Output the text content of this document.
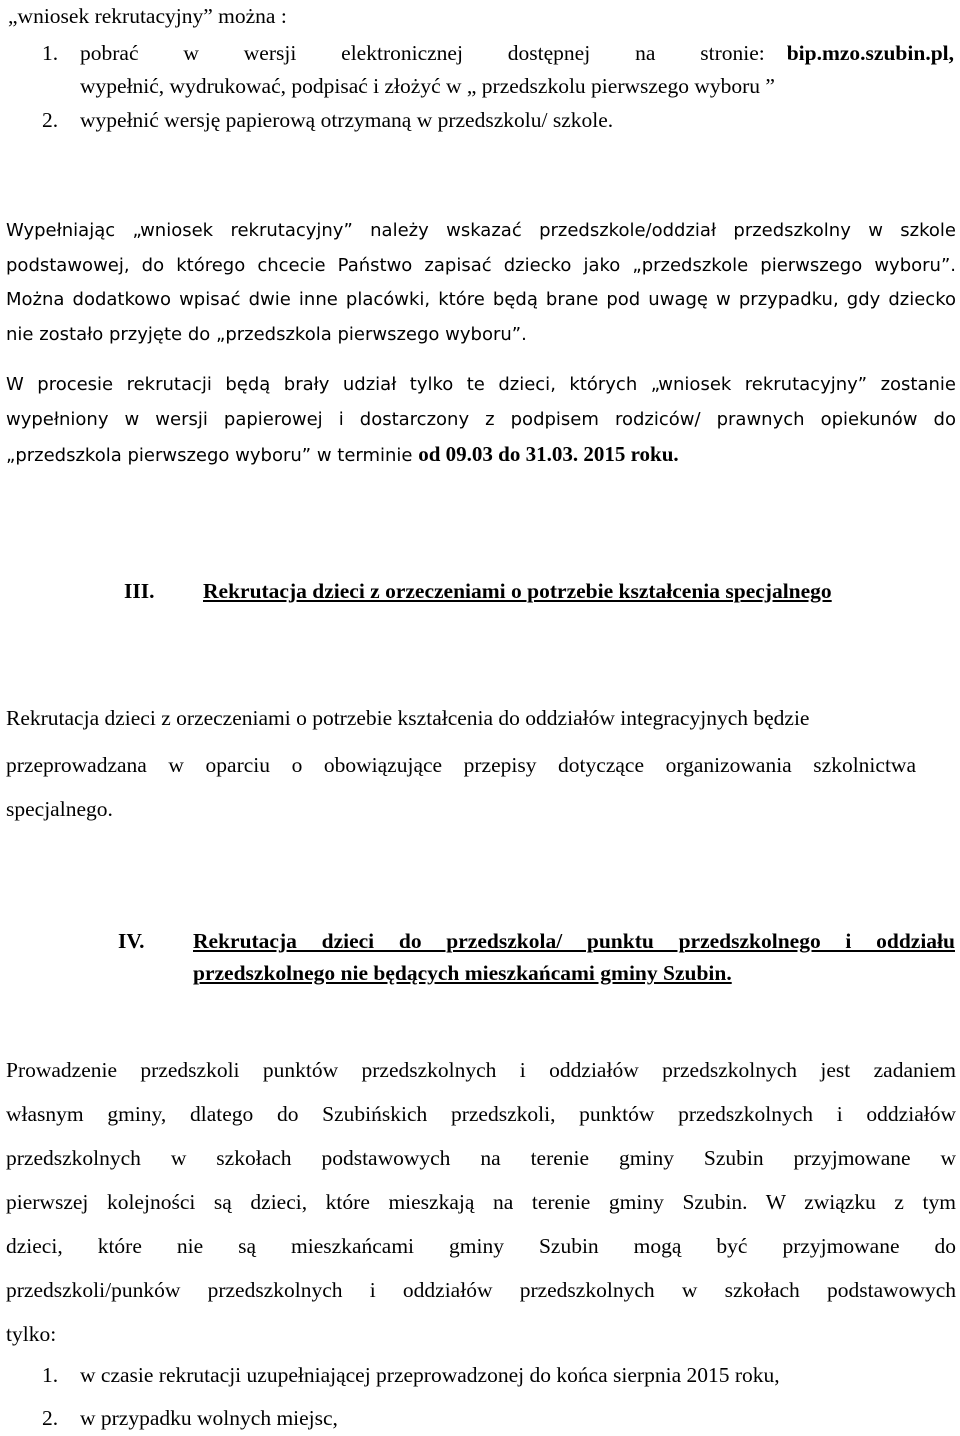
„wniosek rekrutacyjny” można :
1. pobrać w wersji elektronicznej dostępnej na stronie: bip.mzo.szubin.pl,
wypełnić, wydrukować, podpisać i złożyć w „ przedszkolu pierwszego wyboru ”
2. wypełnić wersję papierową otrzymaną w przedszkolu/ szkole.
Wypełniając „wniosek rekrutacyjny” należy wskazać przedszkole/oddział przedszkolny w szkole podstawowej, do którego chcecie Państwo zapisać dziecko jako „przedszkole pierwszego wyboru”. Można dodatkowo wpisać dwie inne placówki, które będą brane pod uwagę w przypadku, gdy dziecko nie zostało przyjęte do „przedszkola pierwszego wyboru”.
W procesie rekrutacji będą brały udział tylko te dzieci, których „wniosek rekrutacyjny” zostanie wypełniony w wersji papierowej i dostarczony z podpisem rodziców/ prawnych opiekunów do „przedszkola pierwszego wyboru” w terminie od 09.03 do 31.03. 2015 roku.
III. Rekrutacja dzieci z orzeczeniami o potrzebie kształcenia specjalnego
Rekrutacja dzieci z orzeczeniami o potrzebie kształcenia do oddziałów integracyjnych będzie
przeprowadzana w oparciu o obowiązujące przepisy dotyczące organizowania szkolnictwa
specjalnego.
IV. Rekrutacja dzieci do przedszkola/ punktu przedszkolnego i oddziału
przedszkolnego nie będących mieszkańcami gminy Szubin.
Prowadzenie przedszkoli punktów przedszkolnych i oddziałów przedszkolnych jest zadaniem
własnym gminy, dlatego do Szubińskich przedszkoli, punktów przedszkolnych i oddziałów
przedszkolnych w szkołach podstawowych na terenie gminy Szubin przyjmowane w
pierwszej kolejności są dzieci, które mieszkają na terenie gminy Szubin. W związku z tym
dzieci, które nie są mieszkańcami gminy Szubin mogą być przyjmowane do
przedszkoli/punków przedszkolnych i oddziałów przedszkolnych w szkołach podstawowych
tylko:
1. w czasie rekrutacji uzupełniającej przeprowadzonej do końca sierpnia 2015 roku,
2. w przypadku wolnych miejsc,
